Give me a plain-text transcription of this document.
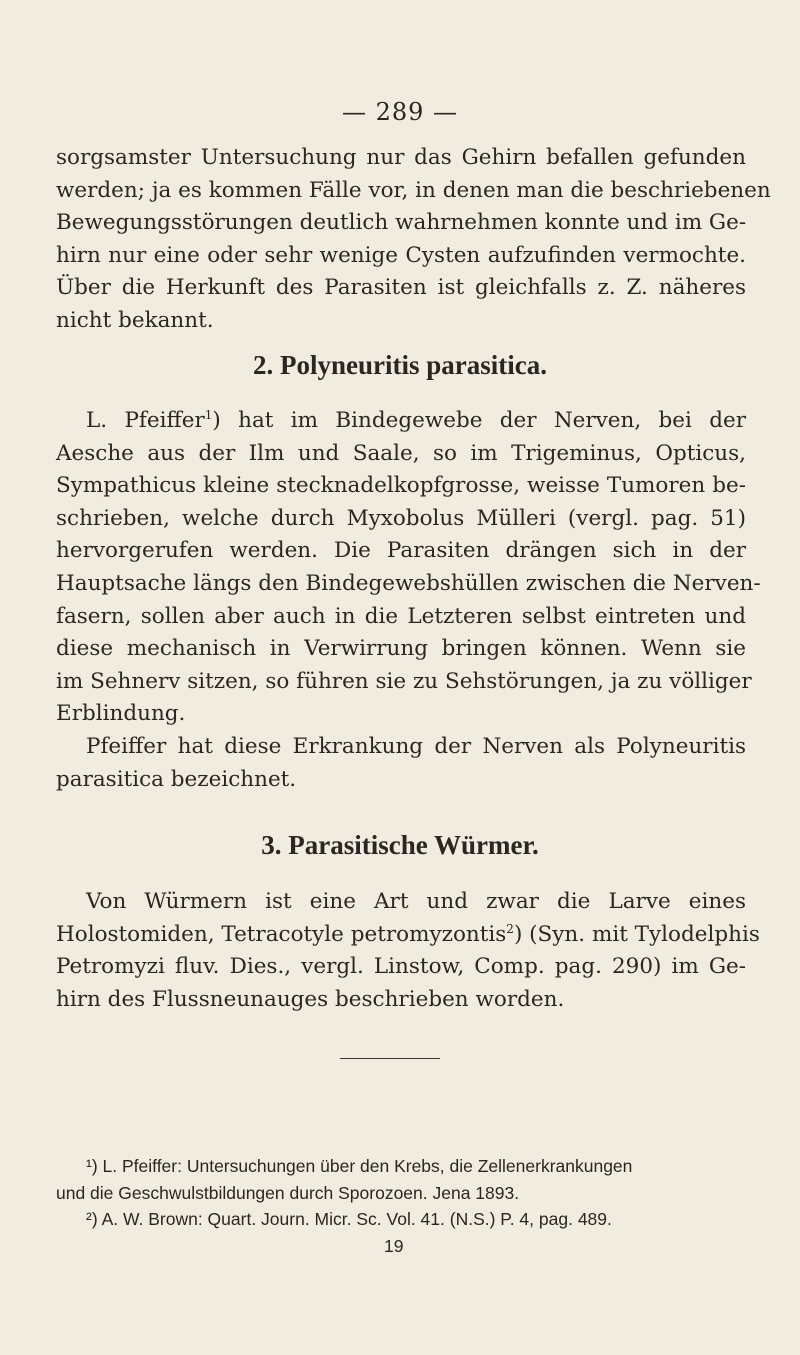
— 289 —
sorgsamster Untersuchung nur das Gehirn befallen gefunden
werden; ja es kommen Fälle vor, in denen man die beschriebenen
Bewegungsstörungen deutlich wahrnehmen konnte und im Ge-
hirn nur eine oder sehr wenige Cysten aufzufinden vermochte.
Über die Herkunft des Parasiten ist gleichfalls z. Z. näheres
nicht bekannt.
2. Polyneuritis parasitica.
L. Pfeiffer$^1$) hat im Bindegewebe der Nerven, bei der
Aesche aus der Ilm und Saale, so im Trigeminus, Opticus,
Sympathicus kleine stecknadelkopfgrosse, weisse Tumoren be-
schrieben, welche durch Myxobolus Mülleri (vergl. pag. 51)
hervorgerufen werden. Die Parasiten drängen sich in der
Hauptsache längs den Bindegewebshüllen zwischen die Nerven-
fasern, sollen aber auch in die Letzteren selbst eintreten und
diese mechanisch in Verwirrung bringen können. Wenn sie
im Sehnerv sitzen, so führen sie zu Sehstörungen, ja zu völliger
Erblindung.
Pfeiffer hat diese Erkrankung der Nerven als Polyneuritis
parasitica bezeichnet.
3. Parasitische Würmer.
Von Würmern ist eine Art und zwar die Larve eines
Holostomiden, Tetracotyle petromyzontis$^2$) (Syn. mit Tylodelphis
Petromyzi fluv. Dies., vergl. Linstow, Comp. pag. 290) im Ge-
hirn des Flussneunauges beschrieben worden.
¹) L. Pfeiffer: Untersuchungen über den Krebs, die Zellenerkrankungen
und die Geschwulstbildungen durch Sporozoen. Jena 1893.
²) A. W. Brown: Quart. Journ. Micr. Sc. Vol. 41. (N.S.) P. 4, pag. 489.
19
